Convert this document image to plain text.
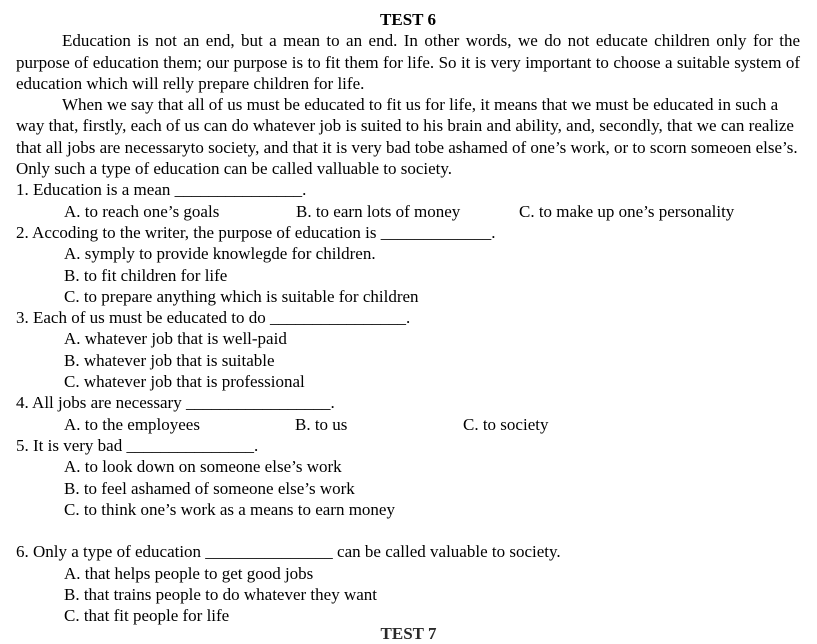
TEST 6
Education is not an end, but a mean to an end. In other words, we do not educate children only for the purpose of education them; our purpose is to fit them for life. So it is very important to choose a suitable system of education which will relly prepare children for life.
When we say that all of us must be educated to fit us for life, it means that we must be educated in such a way that, firstly, each of us can do whatever job is suited to his brain and ability, and, secondly, that we can realize that all jobs are necessaryto society, and that it is very bad tobe ashamed of one’s work, or to scorn someoen else’s. Only such a type of education can be called valluable to society.
1. Education is a mean _______________.
A. to reach one’s goals	B. to earn lots of money	C. to make up one’s personality
2. Accoding to the writer, the purpose of education is _____________.
A. symply to provide knowlegde for children.
B. to fit children for life
C. to prepare anything which is suitable for children
3. Each of us must be educated to do ________________.
A. whatever job that is well-paid
B. whatever job that is suitable
C. whatever job that is professional
4. All jobs are necessary _________________.
A. to the employees	B. to us	C. to society
5. It is very bad _______________.
A. to look down on someone else’s work
B. to feel ashamed of someone else’s work
C. to think one’s work as a means to earn money
6. Only a type of education _______________ can be called valuable to society.
A. that helps people to get good jobs
B. that trains people to do whatever they want
C. that fit people for life
TEST 7
